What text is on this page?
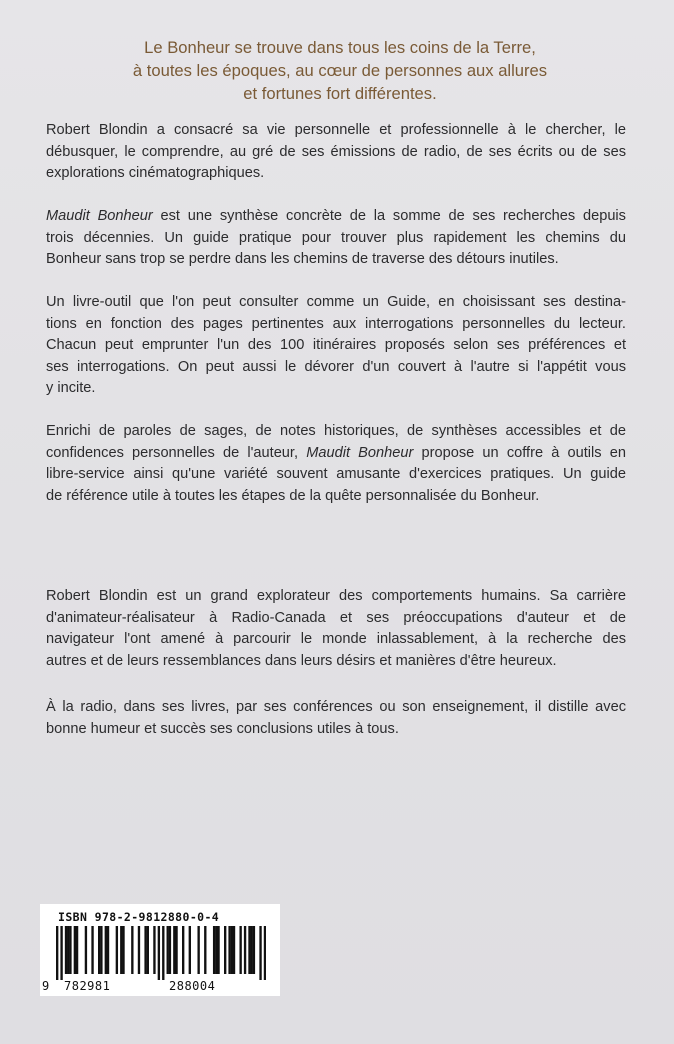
Le Bonheur se trouve dans tous les coins de la Terre,
à toutes les époques, au cœur de personnes aux allures
et fortunes fort différentes.

Robert Blondin a consacré sa vie personnelle et professionnelle à le chercher, le
débusquer, le comprendre, au gré de ses émissions de radio, de ses écrits ou de ses
explorations cinématographiques.

Maudit Bonheur est une synthèse concrète de la somme de ses recherches depuis
trois décennies. Un guide pratique pour trouver plus rapidement les chemins du
Bonheur sans trop se perdre dans les chemins de traverse des détours inutiles.

Un livre-outil que l'on peut consulter comme un Guide, en choisissant ses destina-
tions en fonction des pages pertinentes aux interrogations personnelles du lecteur.
Chacun peut emprunter l'un des 100 itinéraires proposés selon ses préférences et
ses interrogations. On peut aussi le dévorer d'un couvert à l'autre si l'appétit vous
y incite.

Enrichi de paroles de sages, de notes historiques, de synthèses accessibles et de
confidences personnelles de l'auteur, Maudit Bonheur propose un coffre à outils en
libre-service ainsi qu'une variété souvent amusante d'exercices pratiques. Un guide
de référence utile à toutes les étapes de la quête personnalisée du Bonheur.

Robert Blondin est un grand explorateur des comportements humains. Sa carrière
d'animateur-réalisateur à Radio-Canada et ses préoccupations d'auteur et de
navigateur l'ont amené à parcourir le monde inlassablement, à la recherche des
autres et de leurs ressemblances dans leurs désirs et manières d'être heureux.

À la radio, dans ses livres, par ses conférences ou son enseignement, il distille avec
bonne humeur et succès ses conclusions utiles à tous.

ISBN 978-2-9812880-0-4
9 782981	288004
